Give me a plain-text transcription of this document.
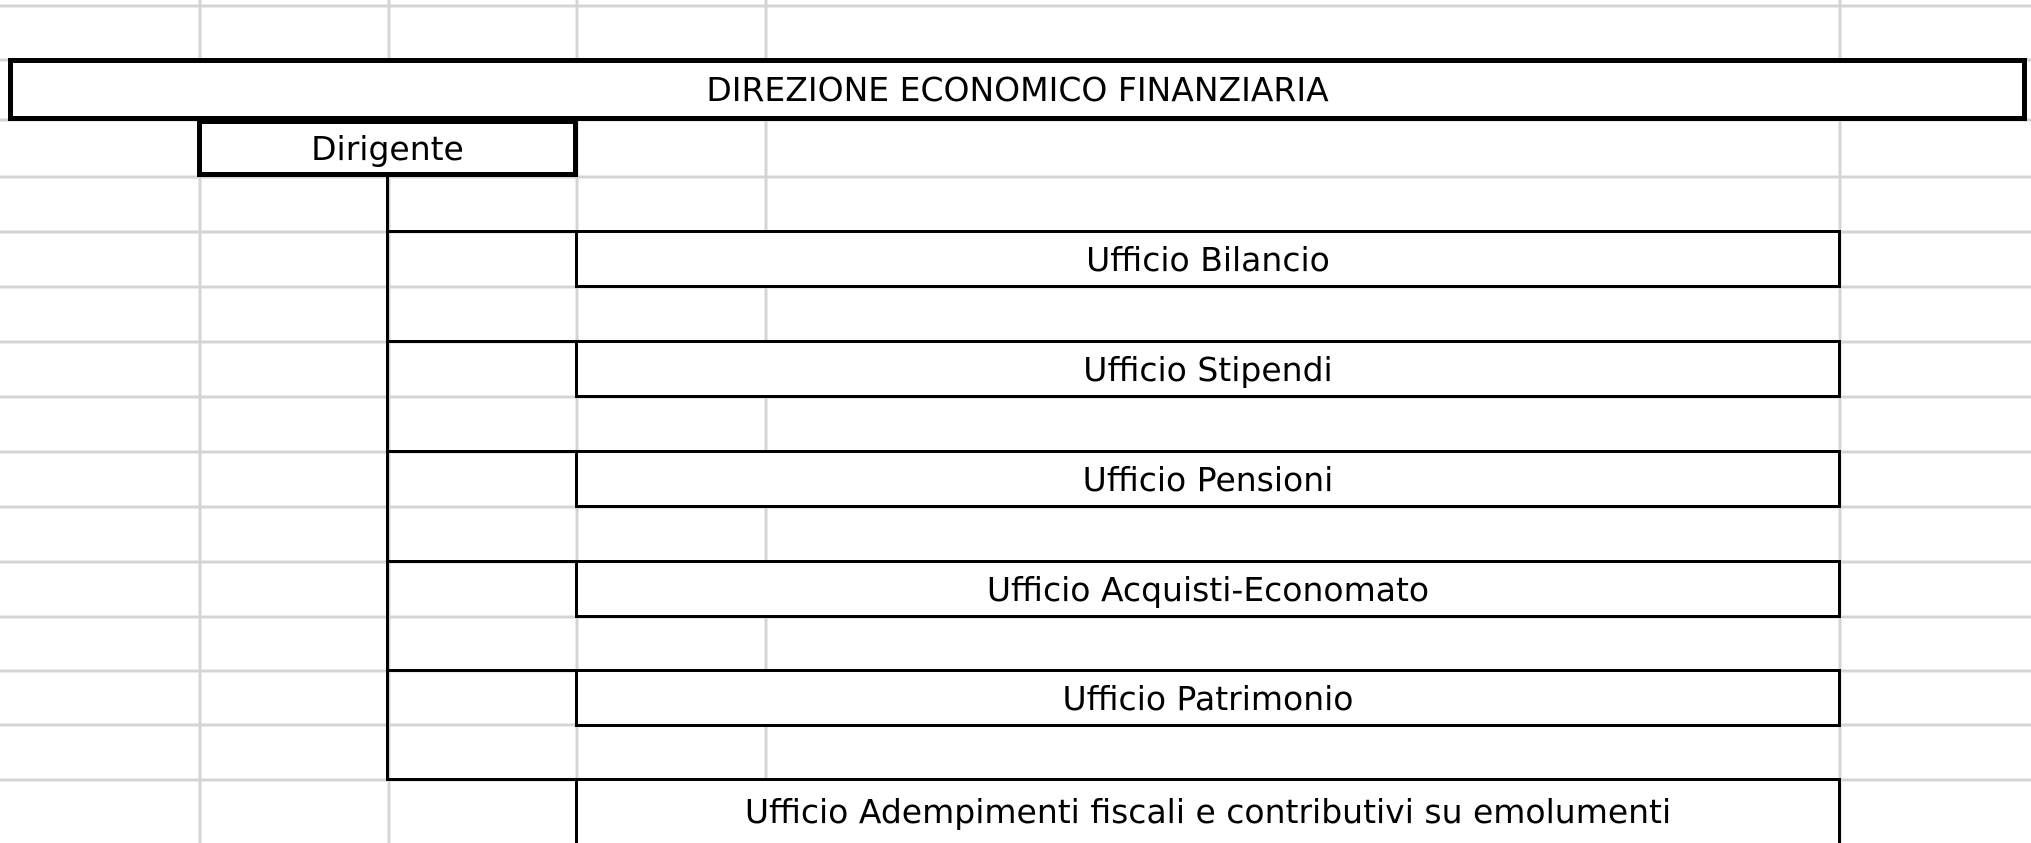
DIREZIONE ECONOMICO FINANZIARIA
Dirigente
Ufficio Bilancio
Ufficio Stipendi
Ufficio Pensioni
Ufficio Acquisti-Economato
Ufficio Patrimonio
Ufficio Adempimenti fiscali e contributivi su emolumenti
